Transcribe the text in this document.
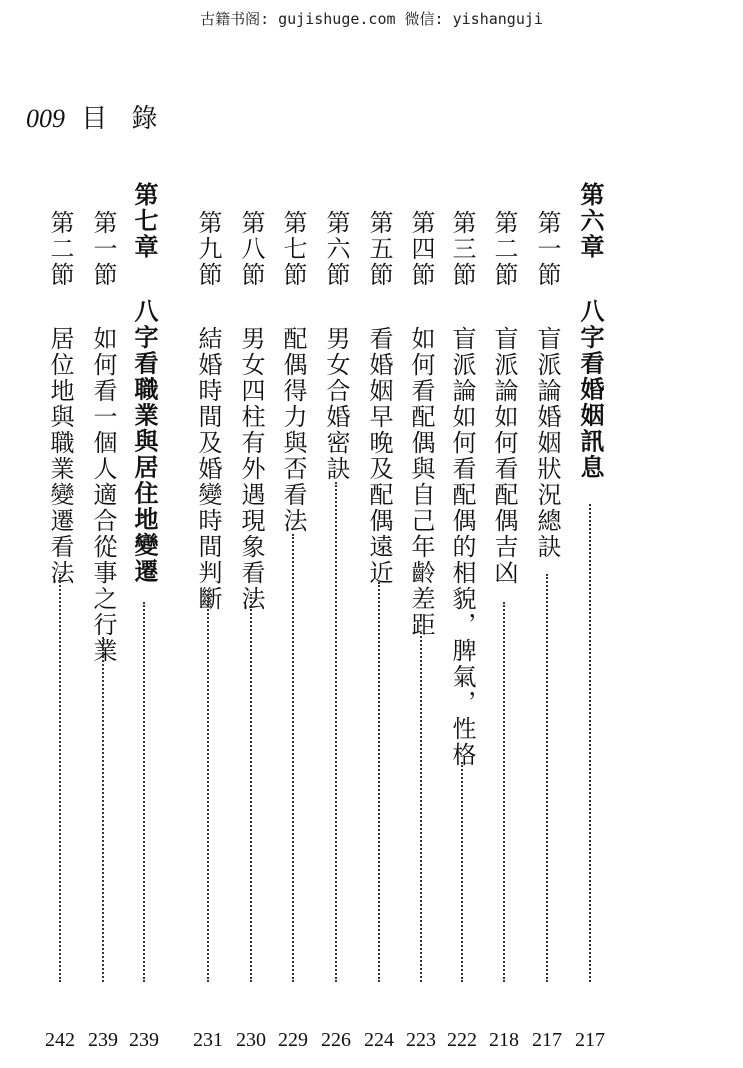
古籍书阁: gujishuge.com 微信: yishanguji
009 目 錄
第六章 八字看婚姻訊息
217
第一節 盲派論婚姻狀況總訣
217
第二節 盲派論如何看配偶吉凶
218
第三節 盲派論如何看配偶的相貌，脾氣，性格
222
第四節 如何看配偶與自己年齡差距
223
第五節 看婚姻早晚及配偶遠近
224
第六節 男女合婚密訣
226
第七節 配偶得力與否看法
229
第八節 男女四柱有外遇現象看法
230
第九節 結婚時間及婚變時間判斷
231
第七章 八字看職業與居住地變遷
239
第一節 如何看一個人適合從事之行業
239
第二節 居位地與職業變遷看法
242
